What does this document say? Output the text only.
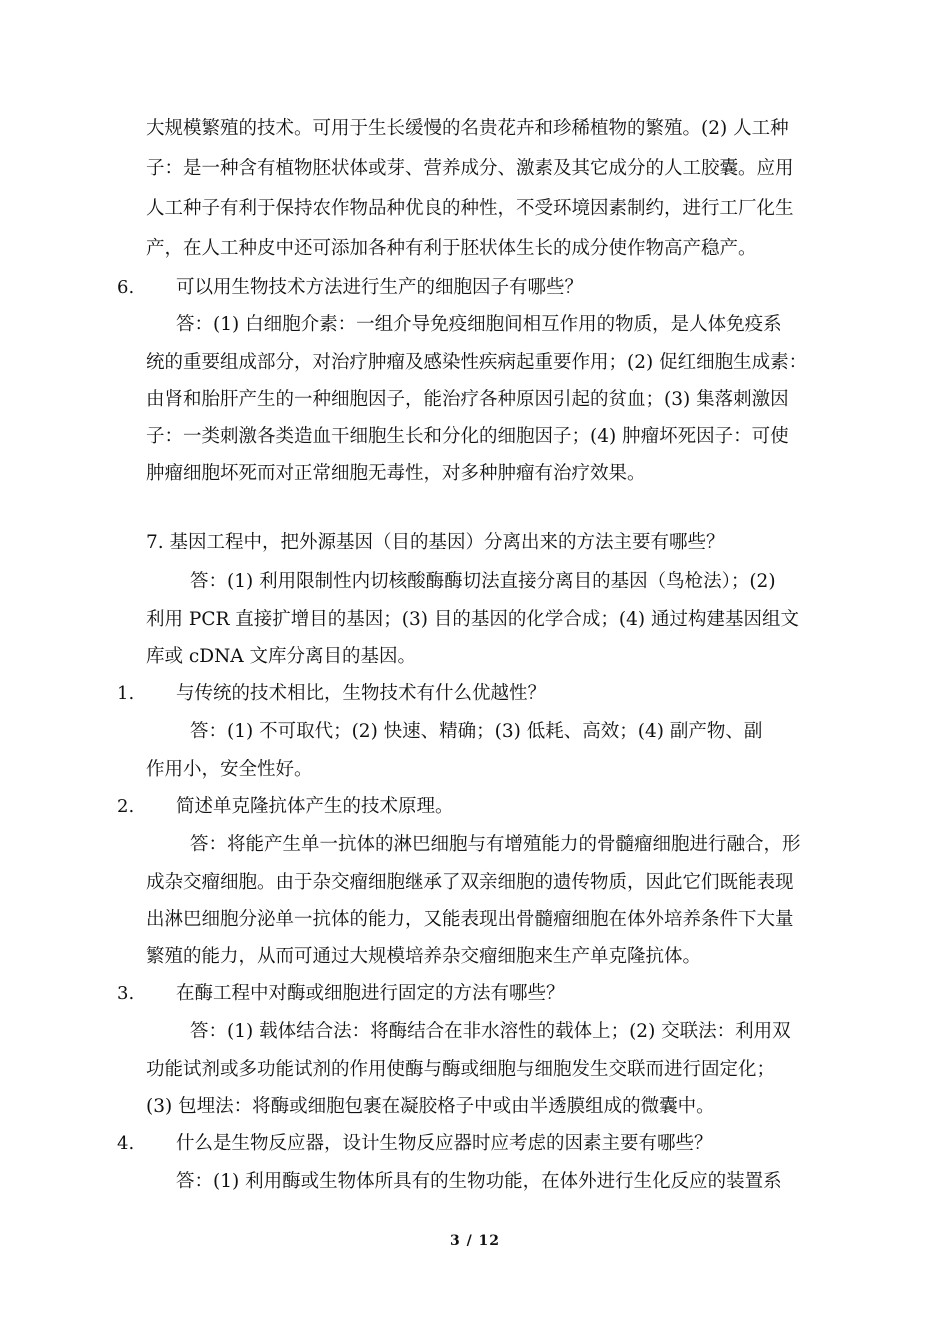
大规模繁殖的技术。可用于生长缓慢的名贵花卉和珍稀植物的繁殖。(2) 人工种
子：是一种含有植物胚状体或芽、营养成分、激素及其它成分的人工胶囊。应用
人工种子有利于保持农作物品种优良的种性，不受环境因素制约，进行工厂化生
产，在人工种皮中还可添加各种有利于胚状体生长的成分使作物高产稳产。
6. 可以用生物技术方法进行生产的细胞因子有哪些？
答：(1) 白细胞介素：一组介导免疫细胞间相互作用的物质，是人体免疫系
统的重要组成部分，对治疗肿瘤及感染性疾病起重要作用；(2) 促红细胞生成素：
由肾和胎肝产生的一种细胞因子，能治疗各种原因引起的贫血；(3) 集落刺激因
子：一类刺激各类造血干细胞生长和分化的细胞因子；(4) 肿瘤坏死因子：可使
肿瘤细胞坏死而对正常细胞无毒性，对多种肿瘤有治疗效果。
7. 基因工程中，把外源基因（目的基因）分离出来的方法主要有哪些？
答：(1) 利用限制性内切核酸酶酶切法直接分离目的基因（鸟枪法）；(2)
利用 PCR 直接扩增目的基因；(3) 目的基因的化学合成；(4) 通过构建基因组文
库或 cDNA 文库分离目的基因。
1. 与传统的技术相比，生物技术有什么优越性？
答：(1) 不可取代；(2) 快速、精确；(3) 低耗、高效；(4) 副产物、副
作用小，安全性好。
2. 简述单克隆抗体产生的技术原理。
答：将能产生单一抗体的淋巴细胞与有增殖能力的骨髓瘤细胞进行融合，形
成杂交瘤细胞。由于杂交瘤细胞继承了双亲细胞的遗传物质，因此它们既能表现
出淋巴细胞分泌单一抗体的能力，又能表现出骨髓瘤细胞在体外培养条件下大量
繁殖的能力，从而可通过大规模培养杂交瘤细胞来生产单克隆抗体。
3. 在酶工程中对酶或细胞进行固定的方法有哪些？
答：(1) 载体结合法：将酶结合在非水溶性的载体上；(2) 交联法：利用双
功能试剂或多功能试剂的作用使酶与酶或细胞与细胞发生交联而进行固定化；
(3) 包埋法：将酶或细胞包裹在凝胶格子中或由半透膜组成的微囊中。
4. 什么是生物反应器，设计生物反应器时应考虑的因素主要有哪些？
答：(1) 利用酶或生物体所具有的生物功能，在体外进行生化反应的装置系
3 / 12
